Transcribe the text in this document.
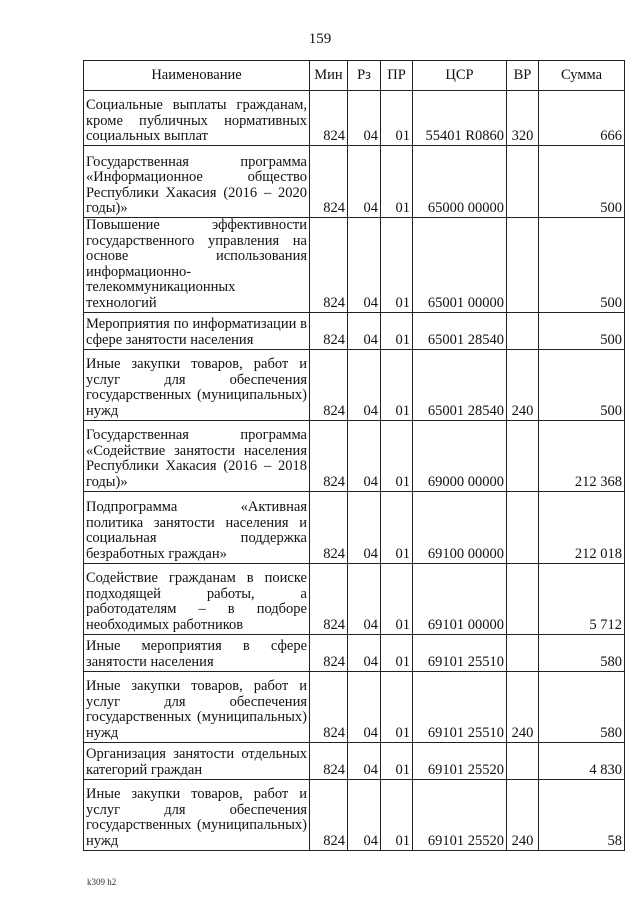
159
Наименование	Мин	Рз	ПР	ЦСР	ВР	Сумма
Социальные выплаты гражданам, кроме публичных нормативных социальных выплат	824	04	01	55401 R0860	320	666
Государственная программа «Информационное общество Республики Хакасия (2016 – 2020 годы)»	824	04	01	65000 00000		500
Повышение эффективности государственного управления на основе использования информационно-телекоммуникационных технологий	824	04	01	65001 00000		500
Мероприятия по информатизации в сфере занятости населения	824	04	01	65001 28540		500
Иные закупки товаров, работ и услуг для обеспечения государственных (муниципальных) нужд	824	04	01	65001 28540	240	500
Государственная программа «Содействие занятости населения Республики Хакасия (2016 – 2018 годы)»	824	04	01	69000 00000		212 368
Подпрограмма «Активная политика занятости населения и социальная поддержка безработных граждан»	824	04	01	69100 00000		212 018
Содействие гражданам в поиске подходящей работы, а работодателям – в подборе необходимых работников	824	04	01	69101 00000		5 712
Иные мероприятия в сфере занятости населения	824	04	01	69101 25510		580
Иные закупки товаров, работ и услуг для обеспечения государственных (муниципальных) нужд	824	04	01	69101 25510	240	580
Организация занятости отдельных категорий граждан	824	04	01	69101 25520		4 830
Иные закупки товаров, работ и услуг для обеспечения государственных (муниципальных) нужд	824	04	01	69101 25520	240	58
k309 h2
